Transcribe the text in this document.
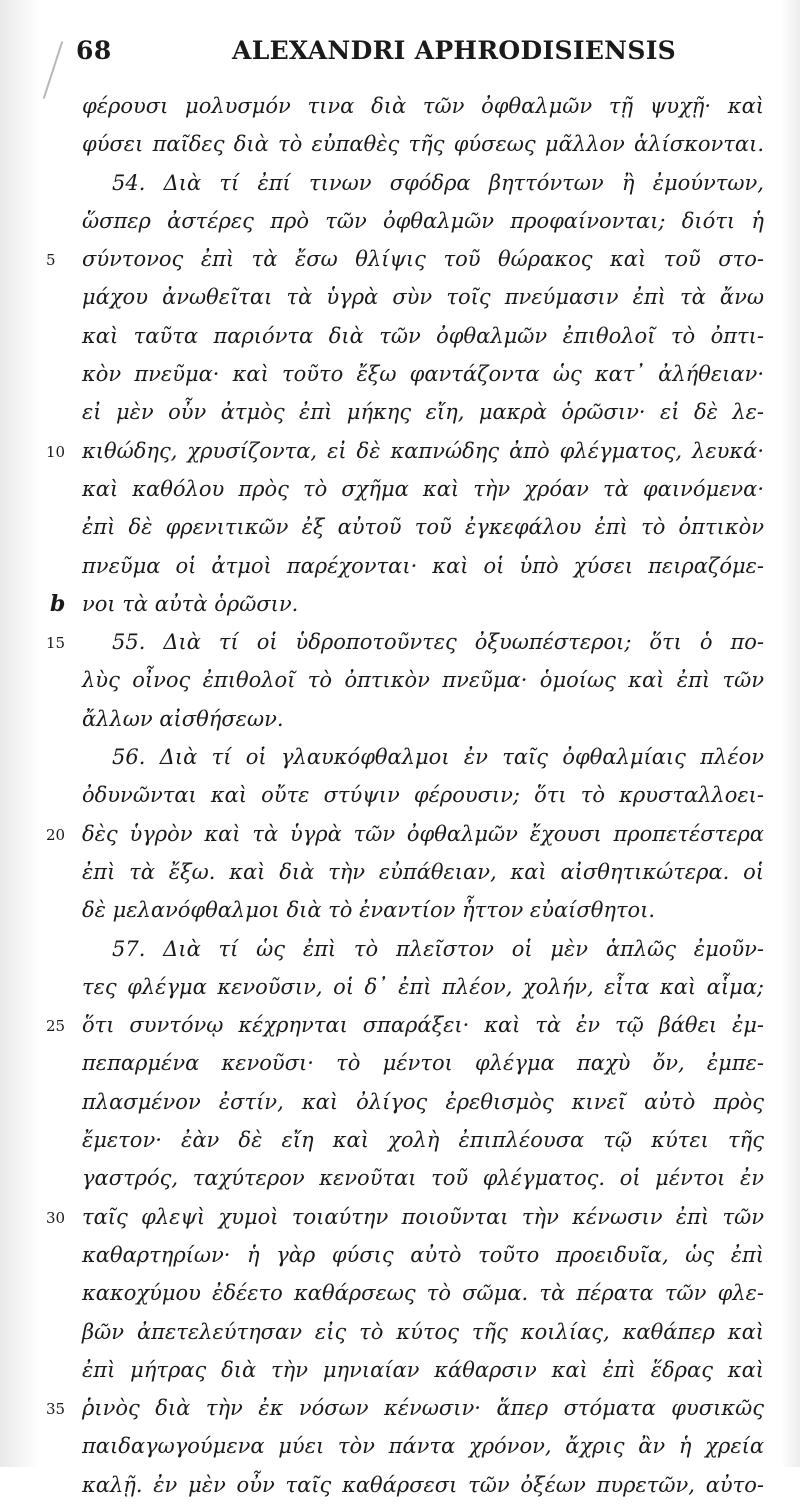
68	ALEXANDRI APHRODISIENSIS
φέρουσι μολυσμόν τινα διὰ τῶν ὀφθαλμῶν τῇ ψυχῇ· καὶ
φύσει παῖδες διὰ τὸ εὐπαθὲς τῆς φύσεως μᾶλλον ἁλίσκονται.
54. Διὰ τί ἐπί τινων σφόδρα βηττόντων ἢ ἐμούντων,
ὥσπερ ἀστέρες πρὸ τῶν ὀφθαλμῶν προφαίνονται; διότι ἡ
5	σύντονος ἐπὶ τὰ ἔσω θλίψις τοῦ θώρακος καὶ τοῦ στο-
μάχου ἀνωθεῖται τὰ ὑγρὰ σὺν τοῖς πνεύμασιν ἐπὶ τὰ ἄνω
καὶ ταῦτα παριόντα διὰ τῶν ὀφθαλμῶν ἐπιθολοῖ τὸ ὀπτι-
κὸν πνεῦμα· καὶ τοῦτο ἔξω φαντάζοντα ὡς κατ᾽ ἀλήθειαν·
εἰ μὲν οὖν ἀτμὸς ἐπὶ μήκης εἴη, μακρὰ ὁρῶσιν· εἰ δὲ λε-
10 κιθώδης, χρυσίζοντα, εἰ δὲ καπνώδης ἀπὸ φλέγματος, λευκά·
καὶ καθόλου πρὸς τὸ σχῆμα καὶ τὴν χρόαν τὰ φαινόμενα·
ἐπὶ δὲ φρενιτικῶν ἐξ αὐτοῦ τοῦ ἐγκεφάλου ἐπὶ τὸ ὀπτικὸν
πνεῦμα οἱ ἀτμοὶ παρέχονται· καὶ οἱ ὑπὸ χύσει πειραζόμε-
b νοι τὰ αὐτὰ ὁρῶσιν.
15	55. Διὰ τί οἱ ὑδροποτοῦντες ὀξυωπέστεροι; ὅτι ὁ πο-
λὺς οἶνος ἐπιθολοῖ τὸ ὀπτικὸν πνεῦμα· ὁμοίως καὶ ἐπὶ τῶν
ἄλλων αἰσθήσεων.
56. Διὰ τί οἱ γλαυκόφθαλμοι ἐν ταῖς ὀφθαλμίαις πλέον
ὀδυνῶνται καὶ οὔτε στύψιν φέρουσιν; ὅτι τὸ κρυσταλλοει-
20 δὲς ὑγρὸν καὶ τὰ ὑγρὰ τῶν ὀφθαλμῶν ἔχουσι προπετέστερα
ἐπὶ τὰ ἔξω. καὶ διὰ τὴν εὐπάθειαν, καὶ αἰσθητικώτερα. οἱ
δὲ μελανόφθαλμοι διὰ τὸ ἐναντίον ἧττον εὐαίσθητοι.
57. Διὰ τί ὡς ἐπὶ τὸ πλεῖστον οἱ μὲν ἁπλῶς ἐμοῦν-
τες φλέγμα κενοῦσιν, οἱ δ᾽ ἐπὶ πλέον, χολήν, εἶτα καὶ αἷμα;
25 ὅτι συντόνῳ κέχρηνται σπαράξει· καὶ τὰ ἐν τῷ βάθει ἐμ-
πεπαρμένα κενοῦσι· τὸ μέντοι φλέγμα παχὺ ὄν, ἐμπε-
πλασμένον ἐστίν, καὶ ὀλίγος ἐρεθισμὸς κινεῖ αὐτὸ πρὸς
ἔμετον· ἐὰν δὲ εἴη καὶ χολὴ ἐπιπλέουσα τῷ κύτει τῆς
γαστρός, ταχύτερον κενοῦται τοῦ φλέγματος. οἱ μέντοι ἐν
30 ταῖς φλεψὶ χυμοὶ τοιαύτην ποιοῦνται τὴν κένωσιν ἐπὶ τῶν
καθαρτηρίων· ἡ γὰρ φύσις αὐτὸ τοῦτο προειδυῖα, ὡς ἐπὶ
κακοχύμου ἐδέετο καθάρσεως τὸ σῶμα. τὰ πέρατα τῶν φλε-
βῶν ἀπετελεύτησαν εἰς τὸ κύτος τῆς κοιλίας, καθάπερ καὶ
ἐπὶ μήτρας διὰ τὴν μηνιαίαν κάθαρσιν καὶ ἐπὶ ἕδρας καὶ
35 ῥινὸς διὰ τὴν ἐκ νόσων κένωσιν· ἅπερ στόματα φυσικῶς
παιδαγωγούμενα μύει τὸν πάντα χρόνον, ἄχρις ἂν ἡ χρεία
καλῇ. ἐν μὲν οὖν ταῖς καθάρσεσι τῶν ὀξέων πυρετῶν, αὐτο-
